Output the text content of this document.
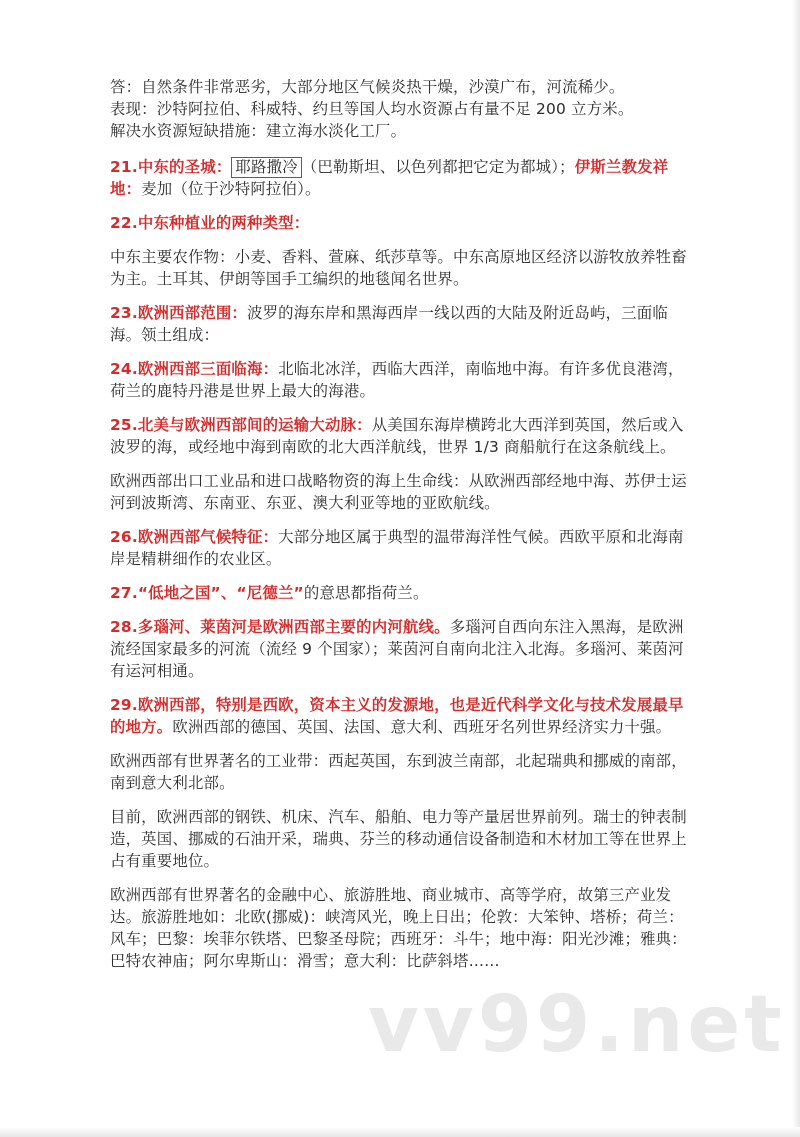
答：自然条件非常恶劣，大部分地区气候炎热干燥，沙漠广布，河流稀少。
表现：沙特阿拉伯、科威特、约旦等国人均水资源占有量不足 200 立方米。
解决水资源短缺措施：建立海水淡化工厂。

21.中东的圣城： 耶路撒冷 （巴勒斯坦、以色列都把它定为都城）；伊斯兰教发祥地：麦加（位于沙特阿拉伯）。

22.中东种植业的两种类型：

中东主要农作物：小麦、香料、萱麻、纸莎草等。中东高原地区经济以游牧放养牲畜为主。土耳其、伊朗等国手工编织的地毯闻名世界。

23.欧洲西部范围：波罗的海东岸和黑海西岸一线以西的大陆及附近岛屿，三面临海。领土组成：

24.欧洲西部三面临海：北临北冰洋，西临大西洋，南临地中海。有许多优良港湾，荷兰的鹿特丹港是世界上最大的海港。

25.北美与欧洲西部间的运输大动脉：从美国东海岸横跨北大西洋到英国，然后或入波罗的海，或经地中海到南欧的北大西洋航线，世界 1/3 商船航行在这条航线上。

欧洲西部出口工业品和进口战略物资的海上生命线：从欧洲西部经地中海、苏伊士运河到波斯湾、东南亚、东亚、澳大利亚等地的亚欧航线。

26.欧洲西部气候特征：大部分地区属于典型的温带海洋性气候。西欧平原和北海南岸是精耕细作的农业区。

27.“低地之国”、“尼德兰”的意思都指荷兰。

28.多瑙河、莱茵河是欧洲西部主要的内河航线。多瑙河自西向东注入黑海，是欧洲流经国家最多的河流（流经 9 个国家）；莱茵河自南向北注入北海。多瑙河、莱茵河有运河相通。

29.欧洲西部，特别是西欧，资本主义的发源地，也是近代科学文化与技术发展最早的地方。欧洲西部的德国、英国、法国、意大利、西班牙名列世界经济实力十强。

欧洲西部有世界著名的工业带：西起英国，东到波兰南部，北起瑞典和挪威的南部，南到意大利北部。

目前，欧洲西部的钢铁、机床、汽车、船舶、电力等产量居世界前列。瑞士的钟表制造，英国、挪威的石油开采，瑞典、芬兰的移动通信设备制造和木材加工等在世界上占有重要地位。

欧洲西部有世界著名的金融中心、旅游胜地、商业城市、高等学府，故第三产业发达。旅游胜地如：北欧(挪威)：峡湾风光，晚上日出；伦敦：大笨钟、塔桥；荷兰：风车；巴黎：埃菲尔铁塔、巴黎圣母院；西班牙：斗牛；地中海：阳光沙滩；雅典：巴特农神庙；阿尔卑斯山：滑雪；意大利：比萨斜塔……

vv99.net
